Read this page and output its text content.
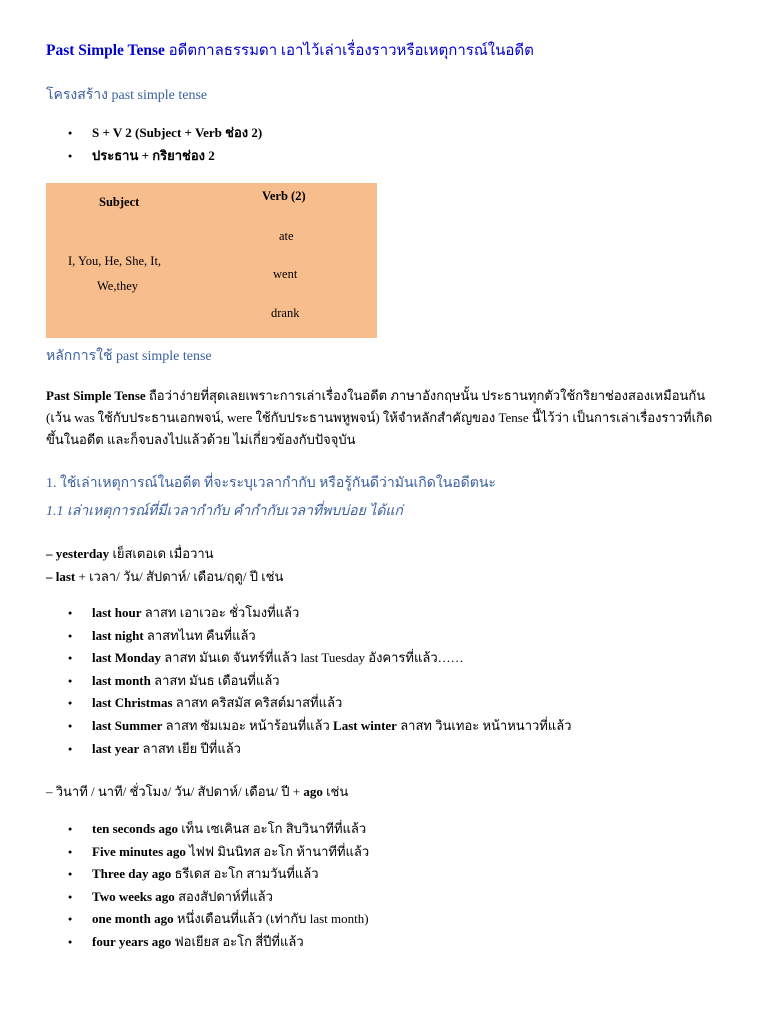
Past Simple Tense อดีตกาลธรรมดา เอาไว้เล่าเรื่องราวหรือเหตุการณ์ในอดีต
โครงสร้าง past simple tense
● S + V 2 (Subject + Verb ช่อง 2)
● ประธาน + กริยาช่อง 2
Subject	Verb (2)
ate
I, You, He, She, It,
went
We,they
drank
หลักการใช้ past simple tense
Past Simple Tense ถือว่าง่ายที่สุดเลยเพราะการเล่าเรื่องในอดีต ภาษาอังกฤษนั้น ประธานทุกตัวใช้กริยาช่องสองเหมือนกัน (เว้น was ใช้กับประธานเอกพจน์, were ใช้กับประธานพหูพจน์) ให้จำหลักสำคัญของ Tense นี้ไว้ว่า เป็นการเล่าเรื่องราวที่เกิดขึ้นในอดีต และก็จบลงไปแล้วด้วย ไม่เกี่ยวข้องกับปัจจุบัน
1. ใช้เล่าเหตุการณ์ในอดีต ที่จะระบุเวลากำกับ หรือรู้กันดีว่ามันเกิดในอดีตนะ
1.1 เล่าเหตุการณ์ที่มีเวลากำกับ คำกำกับเวลาที่พบบ่อย ได้แก่
– yesterday เย็สเตอเด เมื่อวาน
– last + เวลา/ วัน/ สัปดาห์/ เดือน/ฤดู/ ปี เช่น
● last hour ลาสท เอาเวอะ ชั่วโมงที่แล้ว
● last night ลาสทไนท คืนที่แล้ว
● last Monday ลาสท มันเด จันทร์ที่แล้ว last Tuesday อังคารที่แล้ว……
● last month ลาสท มันธ เดือนที่แล้ว
● last Christmas ลาสท คริสมัส คริสต์มาสที่แล้ว
● last Summer ลาสท ซัมเมอะ หน้าร้อนที่แล้ว Last winter ลาสท วินเทอะ หน้าหนาวที่แล้ว
● last year ลาสท เยีย ปีที่แล้ว
– วินาที / นาที/ ชั่วโมง/ วัน/ สัปดาห์/ เดือน/ ปี + ago เช่น
● ten seconds ago เท็น เซเคินส อะโก สิบวินาทีที่แล้ว
● Five minutes ago ไฟฟ มินนิทส อะโก ห้านาทีที่แล้ว
● Three day ago ธรีเดส อะโก สามวันที่แล้ว
● Two weeks ago สองสัปดาห์ที่แล้ว
● one month ago หนึ่งเดือนที่แล้ว (เท่ากับ last month)
● four years ago ฟอเยียส อะโก สี่ปีที่แล้ว
